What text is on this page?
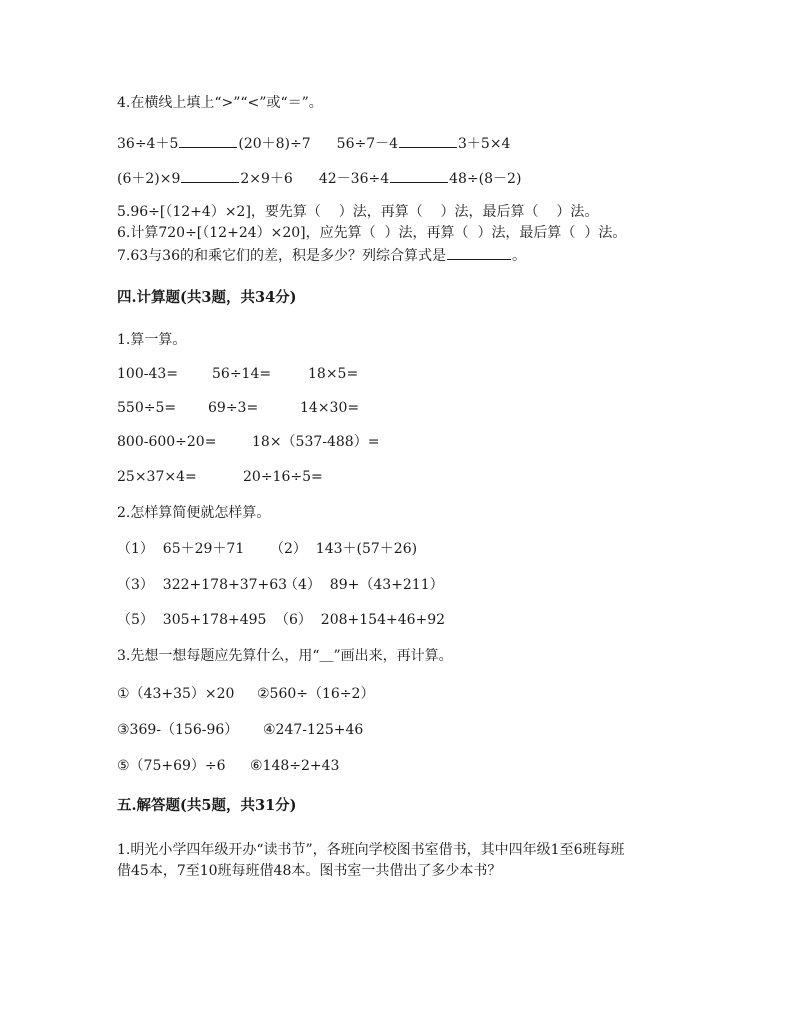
4.在横线上填上“>”“<”或“＝”。
36÷4＋5	(20＋8)÷7 56÷7－4	3＋5×4
(6＋2)×9	2×9＋6 42－36÷4	48÷(8－2)
5.96÷[（12+4）×2]，要先算（    ）法，再算（    ）法，最后算（    ）法。
6.计算720÷[（12+24）×20]，应先算（  ）法，再算（  ）法，最后算（  ）法。
7.63与36的和乘它们的差，积是多少？列综合算式是	。
四.计算题(共3题，共34分)
1.算一算。
100-43= 56÷14=	18×5=
550÷5= 69÷3=	14×30=
800-600÷20=	18×（537-488）=
25×37×4=	20÷16÷5=
2.怎样算简便就怎样算。
（1）  65＋29＋71 （2）  143＋(57＋26)
（3）  322+178+37+63（4）  89+（43+211）
（5）  305+178+495 （6）  208+154+46+92
3.先想一想每题应先算什么，用“＿”画出来，再计算。
①（43+35）×20 ②560÷（16÷2）
③369-（156-96） ④247-125+46
⑤（75+69）÷6 ⑥148÷2+43
五.解答题(共5题，共31分)
1.明光小学四年级开办“读书节”，各班向学校图书室借书，其中四年级1至6班每班
借45本，7至10班每班借48本。图书室一共借出了多少本书？
